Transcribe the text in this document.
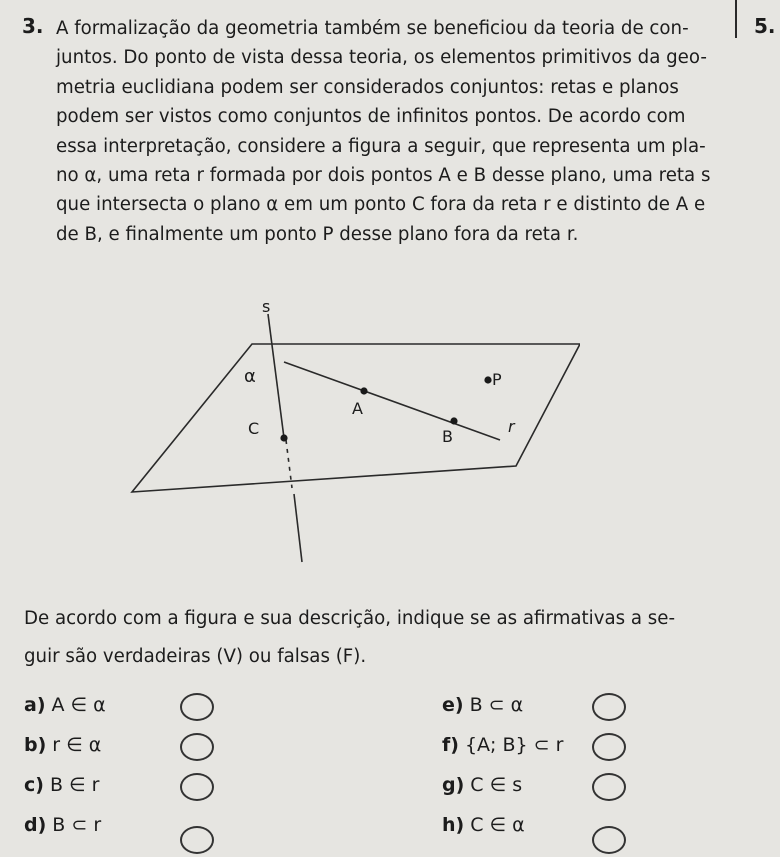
3.	5.

A formalização da geometria também se beneficiou da teoria de con-

juntos. Do ponto de vista dessa teoria, os elementos primitivos da geo-

metria euclidiana podem ser considerados conjuntos: retas e planos

podem ser vistos como conjuntos de infinitos pontos. De acordo com

essa interpretação, considere a figura a seguir, que representa um pla-

no α, uma reta r formada por dois pontos A e B desse plano, uma reta s

que intersecta o plano α em um ponto C fora da reta r e distinto de A e

de B, e finalmente um ponto P desse plano fora da reta r.

s
α	P
A
C	B
r

De acordo com a figura e sua descrição, indique se as afirmativas a se-

guir são verdadeiras (V) ou falsas (F).

a) A ∈ α
b) r ∈ α
c) B ∈ r
d) B ⊂ r
e) B ⊂ α
f) {A; B} ⊂ r
g) C ∈ s
h) C ∈ α
